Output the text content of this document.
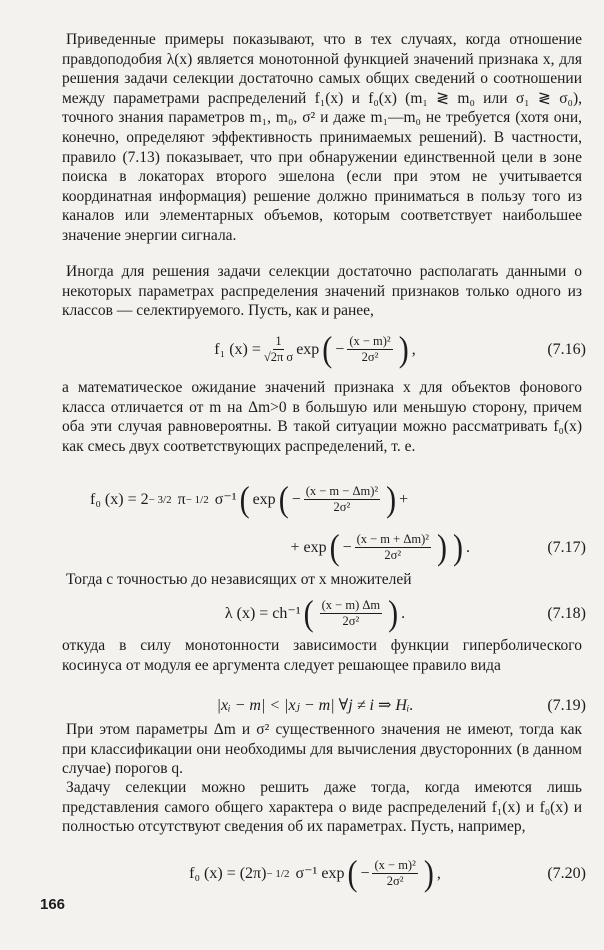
Приведенные примеры показывают, что в тех случаях, когда отношение правдоподобия λ(x) является монотонной функцией значений признака x, для решения задачи селекции достаточно самых общих сведений о соотношении между параметрами распределений f₁(x) и f₀(x) (m₁ ≷ m₀ или σ₁ ≷ σ₀), точного знания параметров m₁, m₀, σ² и даже m₁—m₀ не требуется (хотя они, конечно, определяют эффективность принимаемых решений). В частности, правило (7.13) показывает, что при обнаружении единственной цели в зоне поиска в локаторах второго эшелона (если при этом не учитывается координатная информация) решение должно приниматься в пользу того из каналов или элементарных объемов, которым соответствует наибольшее значение энергии сигнала.

Иногда для решения задачи селекции достаточно располагать данными о некоторых параметрах распределения значений признаков только одного из классов — селектируемого. Пусть, как и ранее,

f₁ $(x) = \frac{1}{\text{√2π σ}}$ exp ( − $\frac{\text{(x − m)²}}{\text{2σ²}}$ ) ,	(7.16)

а математическое ожидание значений признака x для объектов фонового класса отличается от m на Δm>0 в большую или меньшую сторону, причем оба эти случая равновероятны. В такой ситуации можно рассматривать f₀(x) как смесь двух соответствующих распределений, т. е.

f₀ (x) = 2 − 3/2 π − 1/2 σ⁻¹ ( exp ( − $\frac{\text{(x − m − Δm)²}}{\text{2σ²}}$ ) +
+ exp ( − $\frac{\text{(x − m + Δm)²}}{\text{2σ²}}$ ) ) .	(7.17)

Тогда с точностью до независящих от x множителей

λ (x) = ch⁻¹ ( $\frac{(x - m) \Delta m}{\text{2σ²}}$ ) .	(7.18)

откуда в силу монотонности зависимости функции гиперболического косинуса от модуля ее аргумента следует решающее правило вида

|xᵢ − m| < |xⱼ − m| ∀j ≠ i ⇒ Hᵢ.	(7.19)

При этом параметры Δm и σ² существенного значения не имеют, тогда как при классификации они необходимы для вычисления двусторонних (в данном случае) порогов q.

Задачу селекции можно решить даже тогда, когда имеются лишь представления самого общего характера о виде распределений f₁(x) и f₀(x) и полностью отсутствуют сведения об их параметрах. Пусть, например,

f₀ (x) = (2π) − 1/2 σ⁻¹ exp ( − $\frac{\text{(x − m)²}}{\text{2σ²}}$ ) ,	(7.20)
166
